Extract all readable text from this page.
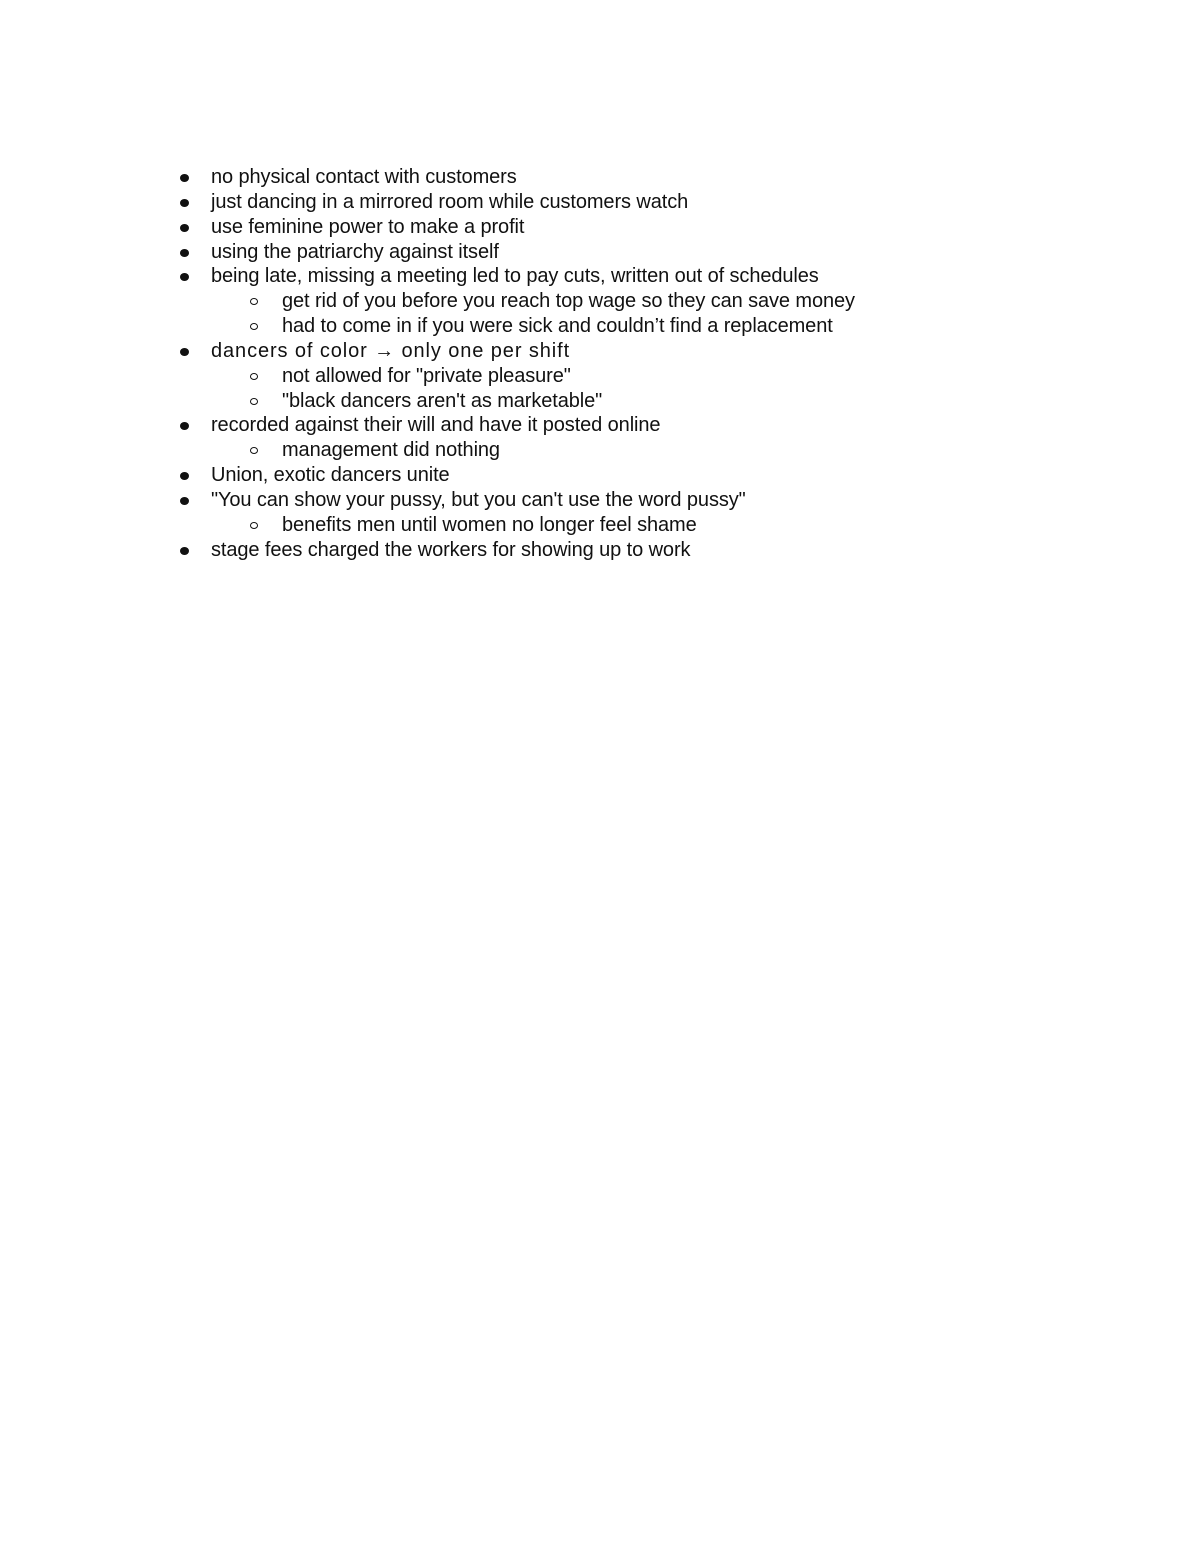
no physical contact with customers
just dancing in a mirrored room while customers watch
use feminine power to make a profit
using the patriarchy against itself
being late, missing a meeting led to pay cuts, written out of schedules
get rid of you before you reach top wage so they can save money
had to come in if you were sick and couldn’t find a replacement
dancers of color → only one per shift
not allowed for "private pleasure"
"black dancers aren't as marketable"
recorded against their will and have it posted online
management did nothing
Union, exotic dancers unite
"You can show your pussy, but you can't use the word pussy"
benefits men until women no longer feel shame
stage fees charged the workers for showing up to work
